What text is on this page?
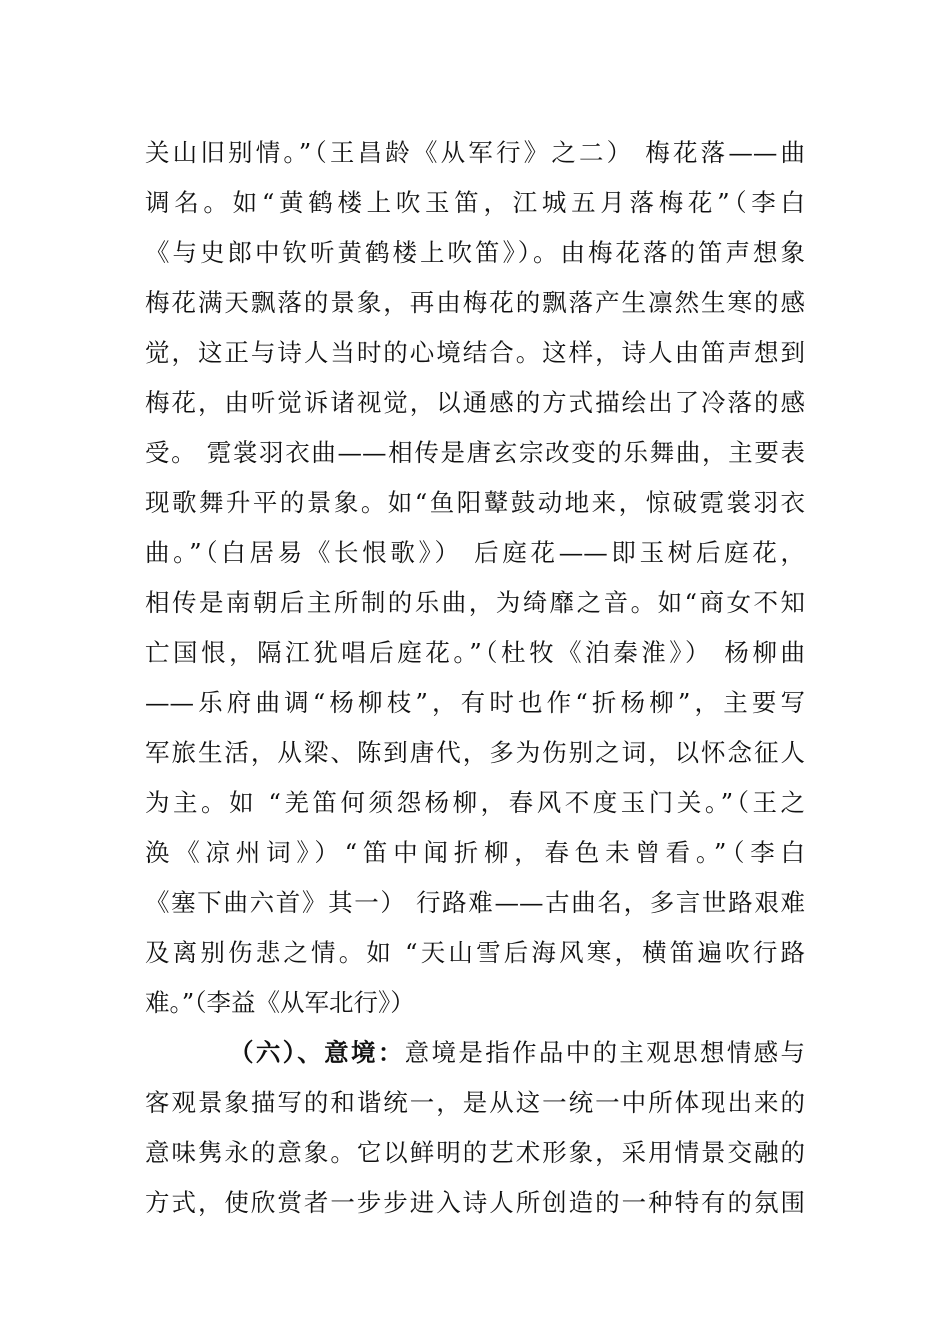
关山旧别情。”（王昌龄《从军行》之二） 梅花落——曲
调名。如“黄鹤楼上吹玉笛，江城五月落梅花”（李白
《与史郎中钦听黄鹤楼上吹笛》）。由梅花落的笛声想象
梅花满天飘落的景象，再由梅花的飘落产生凛然生寒的感
觉，这正与诗人当时的心境结合。这样，诗人由笛声想到
梅花，由听觉诉诸视觉，以通感的方式描绘出了冷落的感
受。 霓裳羽衣曲——相传是唐玄宗改变的乐舞曲，主要表
现歌舞升平的景象。如“鱼阳鼙鼓动地来，惊破霓裳羽衣
曲。”（白居易《长恨歌》） 后庭花——即玉树后庭花，
相传是南朝后主所制的乐曲，为绮靡之音。如“商女不知
亡国恨，隔江犹唱后庭花。”（杜牧《泊秦淮》） 杨柳曲
——乐府曲调“杨柳枝”，有时也作“折杨柳”，主要写
军旅生活，从梁、陈到唐代，多为伤别之词，以怀念征人
为主。如 “羌笛何须怨杨柳，春风不度玉门关。”（王之
涣《凉州词》）“笛中闻折柳，春色未曾看。”（李白
《塞下曲六首》其一） 行路难——古曲名，多言世路艰难
及离别伤悲之情。如 “天山雪后海风寒，横笛遍吹行路
难。”（李益《从军北行》）
（六）、意境：意境是指作品中的主观思想情感与
客观景象描写的和谐统一，是从这一统一中所体现出来的
意味隽永的意象。它以鲜明的艺术形象，采用情景交融的
方式，使欣赏者一步步进入诗人所创造的一种特有的氛围
